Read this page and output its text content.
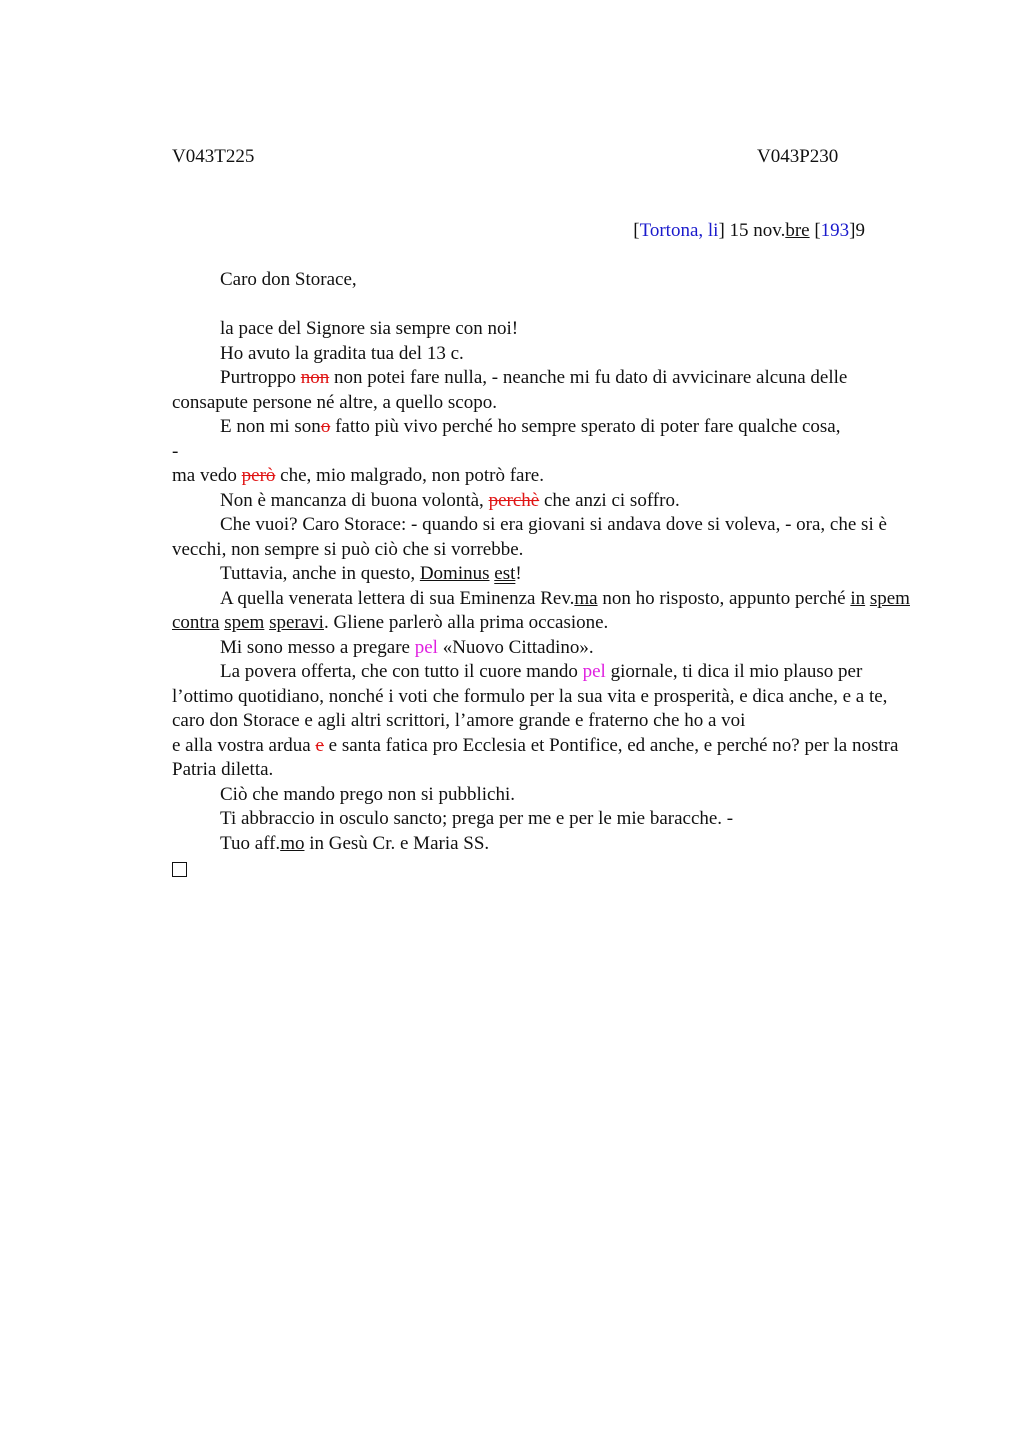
V043T225	V043P230
[Tortona, li] 15 nov.bre [193]9

Caro don Storace,

la pace del Signore sia sempre con noi!

Ho avuto la gradita tua del 13 c.

Purtroppo non non potei fare nulla, - neanche mi fu dato di avvicinare alcuna delle consapute persone né altre, a quello scopo.

E non mi sono fatto più vivo perché ho sempre sperato di poter fare qualche cosa,

-

ma vedo però che, mio malgrado, non potrò fare.

Non è mancanza di buona volontà, perchè che anzi ci soffro.

Che vuoi? Caro Storace: - quando si era giovani si andava dove si voleva, - ora, che si è vecchi, non sempre si può ciò che si vorrebbe.

Tuttavia, anche in questo, Dominus est!

A quella venerata lettera di sua Eminenza Rev.ma non ho risposto, appunto perché in spem contra spem speravi. Gliene parlerò alla prima occasione.

Mi sono messo a pregare pel «Nuovo Cittadino».

La povera offerta, che con tutto il cuore mando pel giornale, ti dica il mio plauso per l’ottimo quotidiano, nonché i voti che formulo per la sua vita e prosperità, e dica anche, e a te, caro don Storace e agli altri scrittori, l’amore grande e fraterno che ho a voi

e alla vostra ardua e e santa fatica pro Ecclesia et Pontifice, ed anche, e perché no? per la nostra Patria diletta.

Ciò che mando prego non si pubblichi.

Ti abbraccio in osculo sancto; prega per me e per le mie baracche. -

Tuo aff.mo in Gesù Cr. e Maria SS.
